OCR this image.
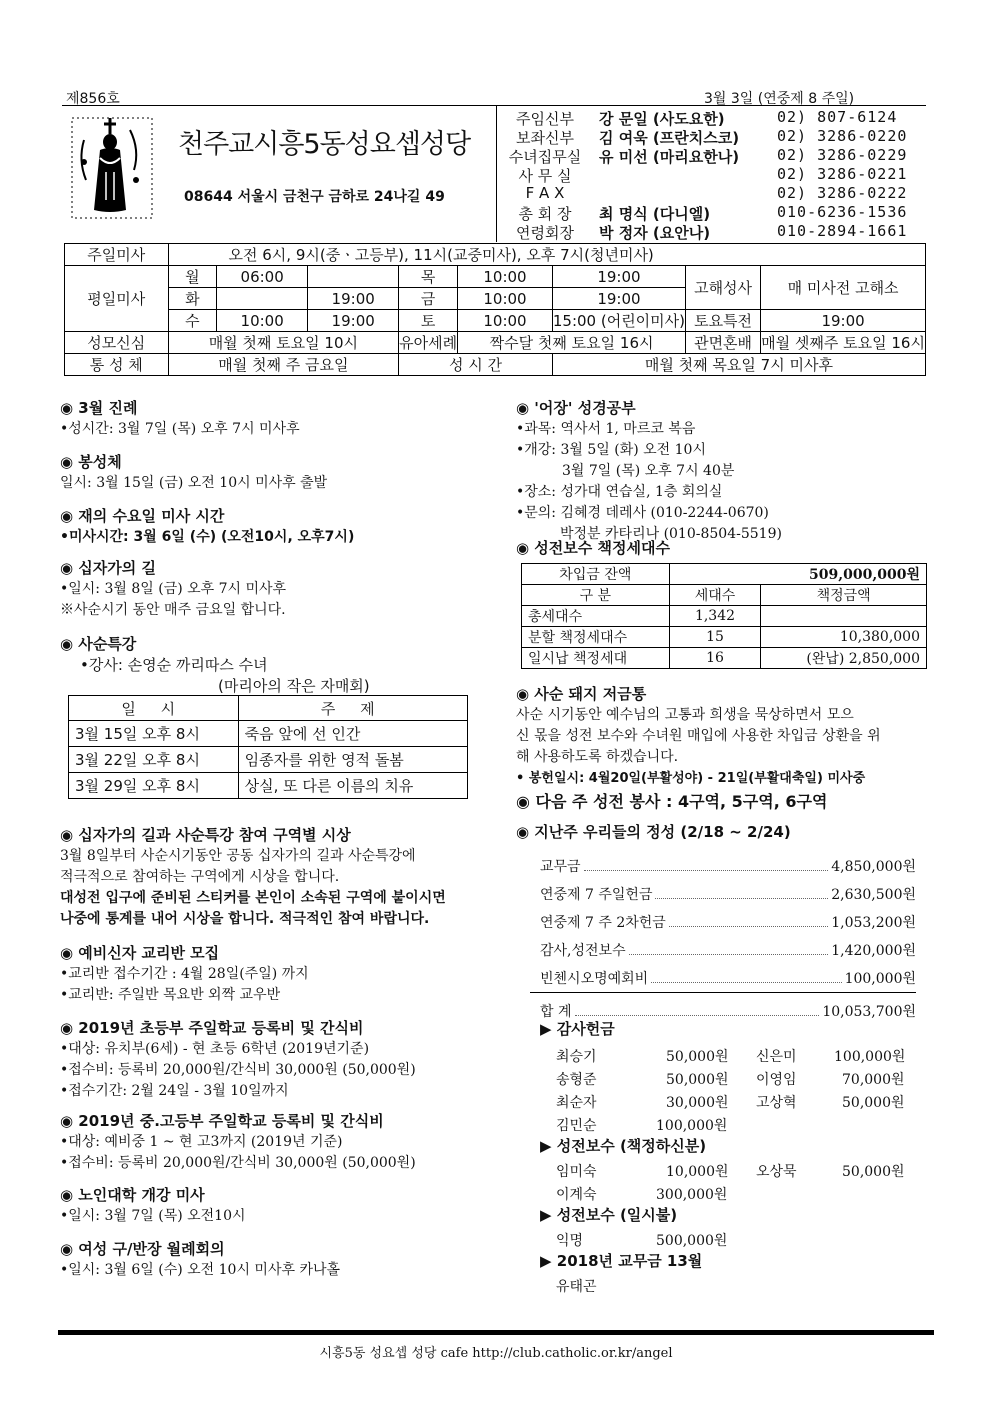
제856호	3월 3일 (연중제 8 주일)
천주교시흥5동성요셉성당
08644 서울시 금천구 금하로 24나길 49
주임신부	강 문일 (사도요한)	02) 807-6124
보좌신부	김 여욱 (프란치스코)	02) 3286-0220
수녀집무실 유 미선 (마리요한나)	02) 3286-0229
사 무 실	02) 3286-0221
F A X	02) 3286-0222
총 회 장	최 명식 (다니엘)	010-6236-1536
연령회장	박 정자 (요안나)	010-2894-1661
주일미사	오전 6시, 9시(중ㆍ고등부), 11시(교중미사), 오후 7시(청년미사)							
평일미사	월	06:00		목	10:00	19:00	고해성사	매 미사전 고해소
	화		19:00	금	10:00	19:00		
	수	10:00	19:00	토	10:00	15:00 (어린이미사)	토요특전	19:00
성모신심	매월 첫째 토요일 10시			유아세례	짝수달 첫째 토요일 16시		관면혼배	매월 셋째주 토요일 16시
통 성 체	매월 첫째 주 금요일			성 시 간		매월 첫째 목요일 7시 미사후		
◉ 3월 진례
•성시간: 3월 7일 (목) 오후 7시 미사후
◉ 봉성체
일시: 3월 15일 (금) 오전 10시 미사후 출발
◉ 재의 수요일 미사 시간
•미사시간: 3월 6일 (수) (오전10시, 오후7시)
◉ 십자가의 길
•일시: 3월 8일 (금) 오후 7시 미사후
※사순시기 동안 매주 금요일 합니다.
◉ 사순특강
•강사: 손영순 까리따스 수녀
(마리아의 작은 자매회)
일 시	주 제
3월 15일 오후 8시	죽음 앞에 선 인간
3월 22일 오후 8시	임종자를 위한 영적 돌봄
3월 29일 오후 8시	상실, 또 다른 이름의 치유
◉ 십자가의 길과 사순특강 참여 구역별 시상
3월 8일부터 사순시기동안 공동 십자가의 길과 사순특강에
적극적으로 참여하는 구역에게 시상을 합니다.
대성전 입구에 준비된 스티커를 본인이 소속된 구역에 붙이시면
나중에 통계를 내어 시상을 합니다. 적극적인 참여 바랍니다.
◉ 예비신자 교리반 모집
•교리반 접수기간 : 4월 28일(주일) 까지
•교리반: 주일반 목요반 외짝 교우반
◉ 2019년 초등부 주일학교 등록비 및 간식비
•대상: 유치부(6세) - 현 초등 6학년 (2019년기준)
•접수비: 등록비 20,000원/간식비 30,000원 (50,000원)
•접수기간: 2월 24일 - 3월 10일까지
◉ 2019년 중.고등부 주일학교 등록비 및 간식비
•대상: 예비중 1 ~ 현 고3까지 (2019년 기준)
•접수비: 등록비 20,000원/간식비 30,000원 (50,000원)
◉ 노인대학 개강 미사
•일시: 3월 7일 (목) 오전10시
◉ 여성 구/반장 월례회의
•일시: 3월 6일 (수) 오전 10시 미사후 카나홀
◉ '어장' 성경공부
•과목: 역사서 1, 마르코 복음
•개강: 3월 5일 (화) 오전 10시
3월 7일 (목) 오후 7시 40분
•장소: 성가대 연습실, 1층 회의실
•문의: 김혜경 데레사 (010-2244-0670)
박정분 카타리나 (010-8504-5519)
◉ 성전보수 책정세대수
차입금 잔액	509,000,000원	
구 분	세대수	책정금액
총세대수	1,342	
분할 책정세대수	15	10,380,000
일시납 책정세대	16	(완납) 2,850,000
◉ 사순 돼지 저금통
사순 시기동안 예수님의 고통과 희생을 묵상하면서 모으
신 몫을 성전 보수와 수녀원 매입에 사용한 차입금 상환을 위
해 사용하도록 하겠습니다.
• 봉헌일시: 4월20일(부활성야) - 21일(부활대축일) 미사중
◉ 다음 주 성전 봉사 : 4구역, 5구역, 6구역
◉ 지난주 우리들의 정성 (2/18 ~ 2/24)
교무금	4,850,000원
연중제 7 주일헌금	2,630,500원
연중제 7 주 2차헌금	1,053,200원
감사,성전보수	1,420,000원
빈첸시오명예회비	100,000원
합 계	10,053,700원
▶ 감사헌금
최승기	50,000원 신은미	100,000원
송형준	50,000원 이영임	70,000원
최순자	30,000원 고상혁	50,000원
김민순	100,000원
▶ 성전보수 (책정하신분)
임미숙	10,000원 오상묵	50,000원
이계숙	300,000원
▶ 성전보수 (일시불)
익명	500,000원
▶ 2018년 교무금 13월
유태곤
시흥5동 성요셉 성당 cafe http://club.catholic.or.kr/angel
